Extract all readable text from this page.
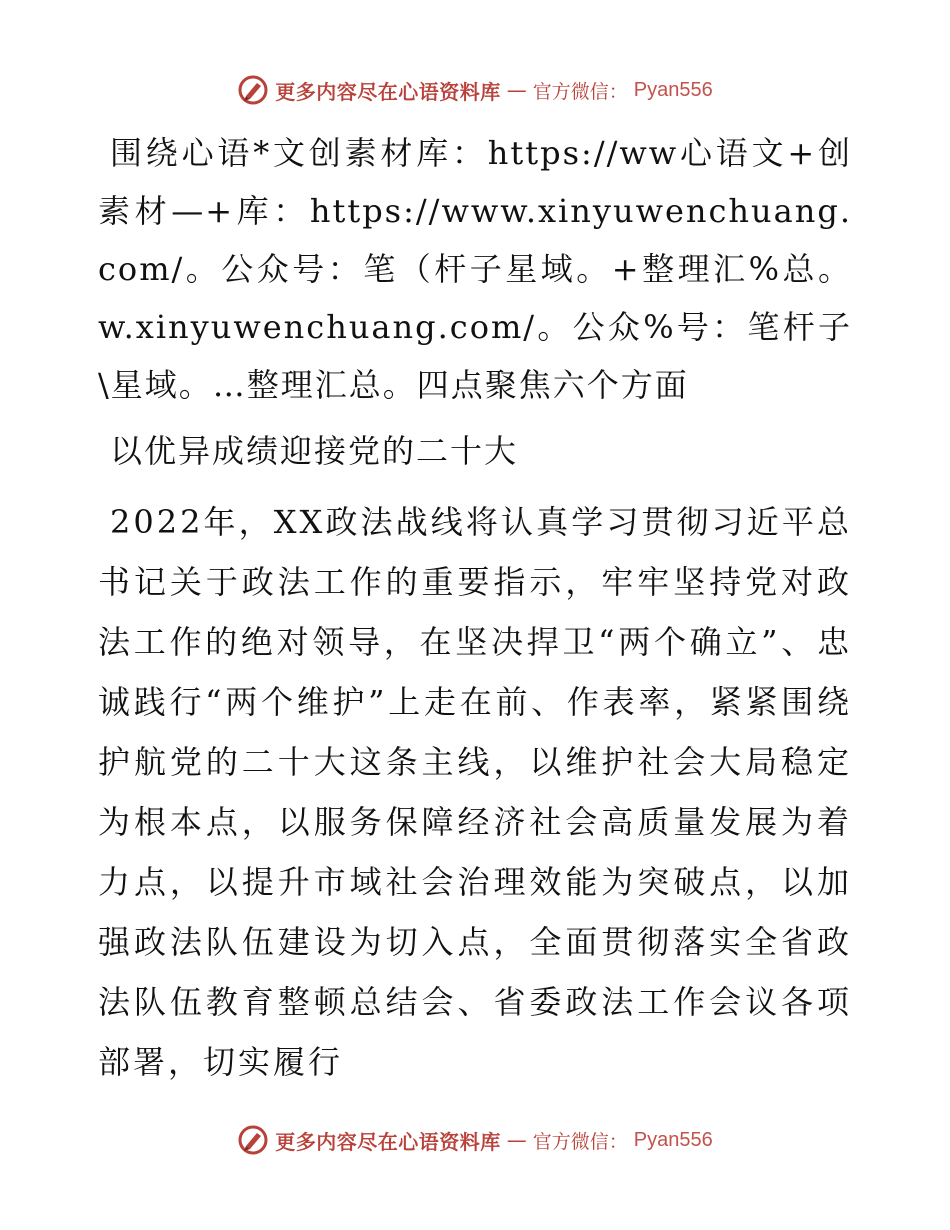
更多内容尽在心语资料库 — 官方微信： Pyan556

围绕心语*文创素材库：https://ww心语文+创素材—+库：https://www.xinyuwenchuang.com/。公众号：笔（杆子星域。+整理汇%总。w.xinyuwenchuang.com/。公众%号：笔杆子\星域。…整理汇总。四点聚焦六个方面

以优异成绩迎接党的二十大

2022年，XX政法战线将认真学习贯彻习近平总书记关于政法工作的重要指示，牢牢坚持党对政法工作的绝对领导，在坚决捍卫“两个确立”、忠诚践行“两个维护”上走在前、作表率，紧紧围绕护航党的二十大这条主线，以维护社会大局稳定为根本点，以服务保障经济社会高质量发展为着力点，以提升市域社会治理效能为突破点，以加强政法队伍建设为切入点，全面贯彻落实全省政法队伍教育整顿总结会、省委政法工作会议各项部署，切实履行

更多内容尽在心语资料库 — 官方微信： Pyan556
